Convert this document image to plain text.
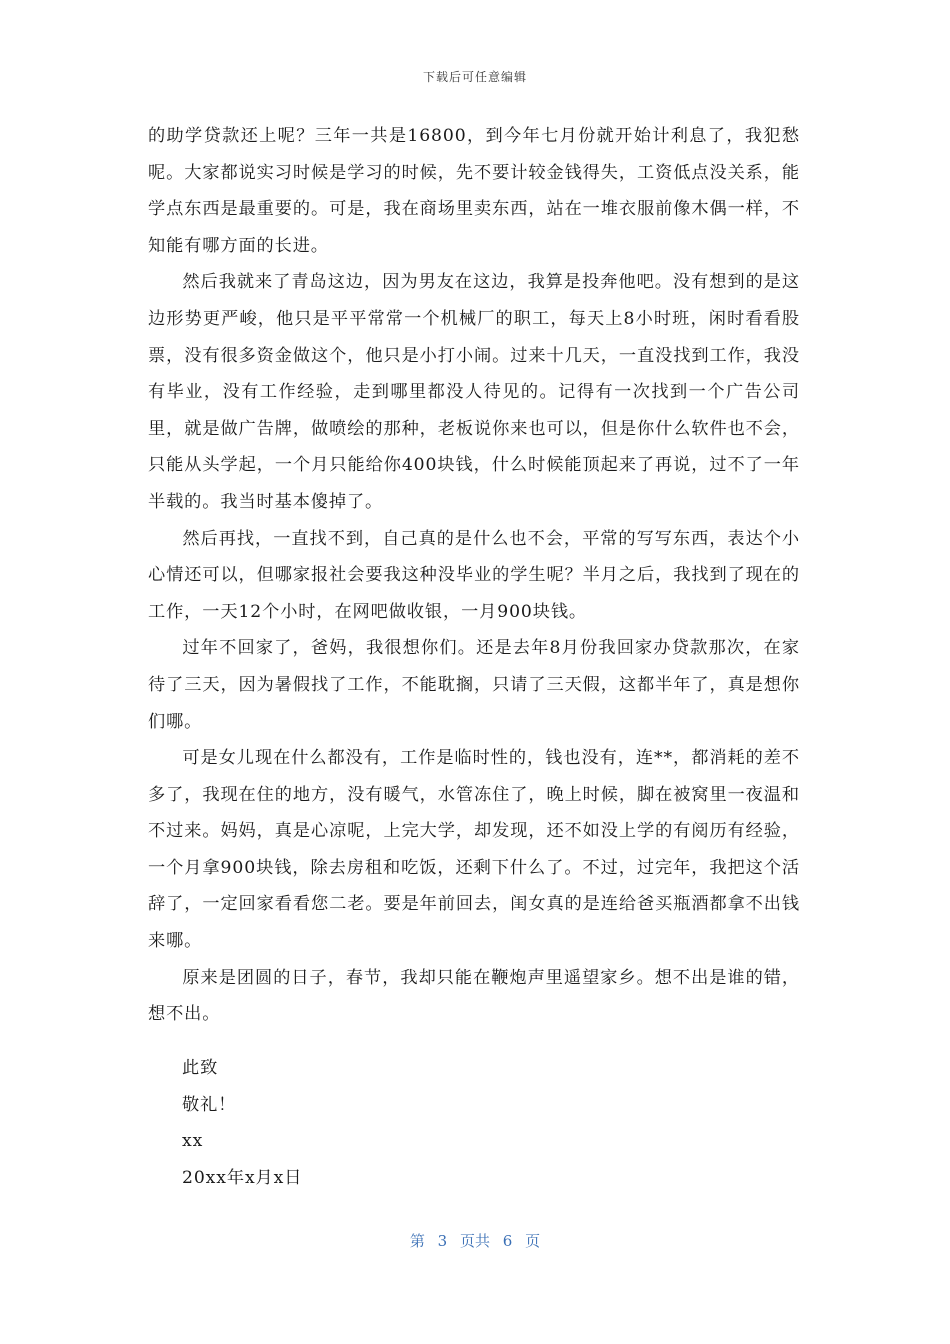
下载后可任意编辑

的助学贷款还上呢？三年一共是16800，到今年七月份就开始计利息了，我犯愁呢。大家都说实习时候是学习的时候，先不要计较金钱得失，工资低点没关系，能学点东西是最重要的。可是，我在商场里卖东西，站在一堆衣服前像木偶一样，不知能有哪方面的长进。

然后我就来了青岛这边，因为男友在这边，我算是投奔他吧。没有想到的是这边形势更严峻，他只是平平常常一个机械厂的职工，每天上8小时班，闲时看看股票，没有很多资金做这个，他只是小打小闹。过来十几天，一直没找到工作，我没有毕业，没有工作经验，走到哪里都没人待见的。记得有一次找到一个广告公司里，就是做广告牌，做喷绘的那种，老板说你来也可以，但是你什么软件也不会，只能从头学起，一个月只能给你400块钱，什么时候能顶起来了再说，过不了一年半载的。我当时基本傻掉了。

然后再找，一直找不到，自己真的是什么也不会，平常的写写东西，表达个小心情还可以，但哪家报社会要我这种没毕业的学生呢？半月之后，我找到了现在的工作，一天12个小时，在网吧做收银，一月900块钱。

过年不回家了，爸妈，我很想你们。还是去年8月份我回家办贷款那次，在家待了三天，因为暑假找了工作，不能耽搁，只请了三天假，这都半年了，真是想你们哪。

可是女儿现在什么都没有，工作是临时性的，钱也没有，连**，都消耗的差不多了，我现在住的地方，没有暖气，水管冻住了，晚上时候，脚在被窝里一夜温和不过来。妈妈，真是心凉呢，上完大学，却发现，还不如没上学的有阅历有经验，一个月拿900块钱，除去房租和吃饭，还剩下什么了。不过，过完年，我把这个活辞了，一定回家看看您二老。要是年前回去，闺女真的是连给爸买瓶酒都拿不出钱来哪。

原来是团圆的日子，春节，我却只能在鞭炮声里遥望家乡。想不出是谁的错，想不出。

此致
敬礼！
xx
20xx年x月x日
第 3 页共 6 页
